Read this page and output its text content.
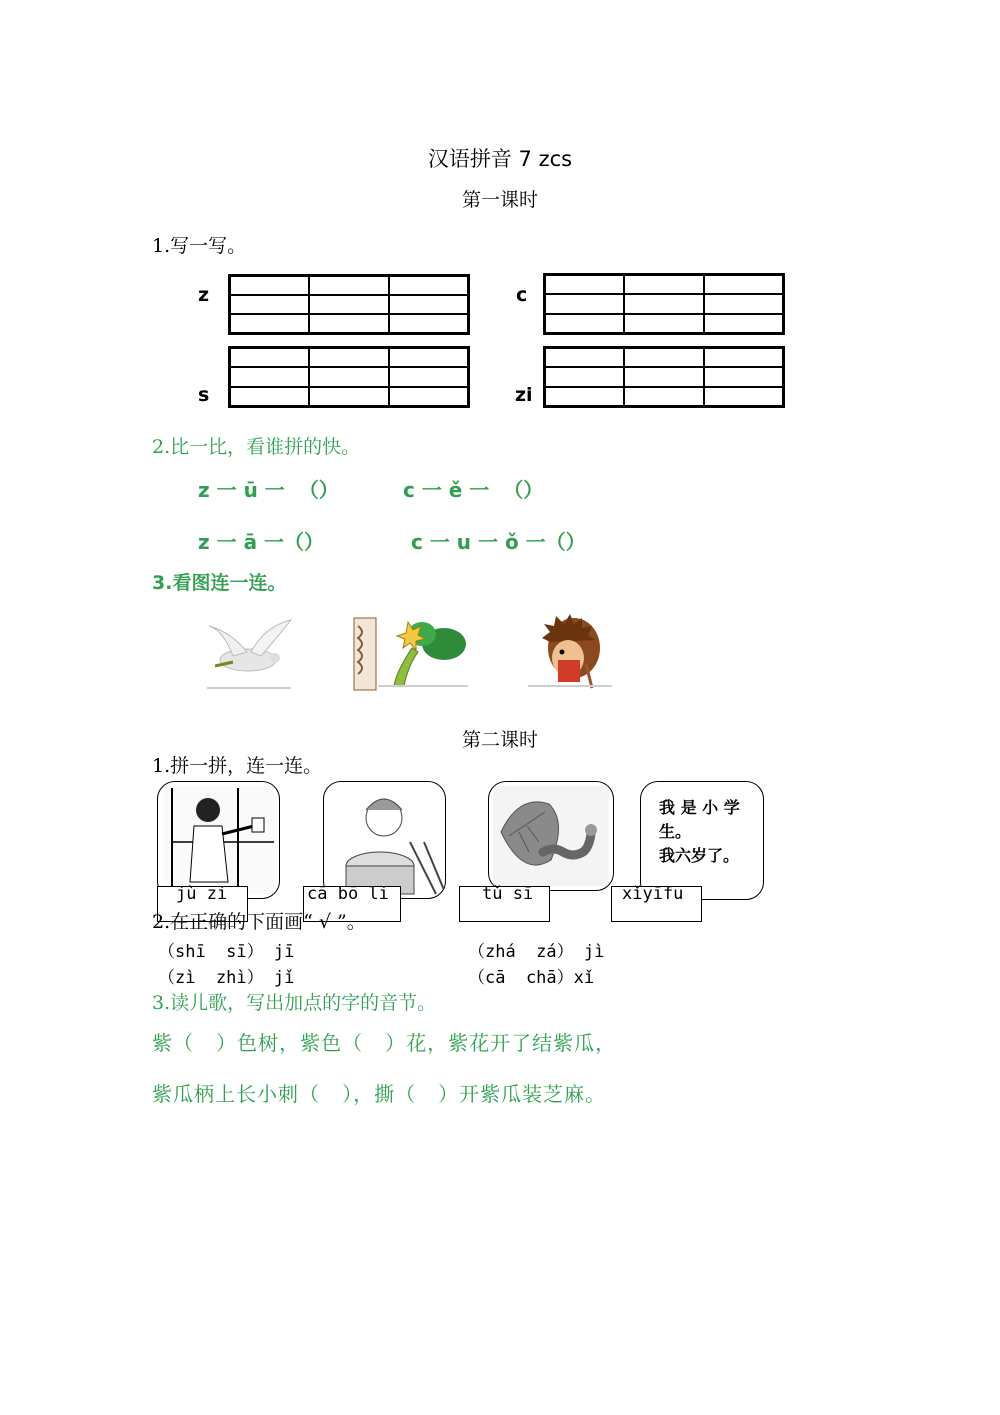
汉语拼音 7 zcs
第一课时
1.写一写。
z	c
s	zi
2.比一比，看谁拼的快。
z 一 ū 一  （）	c 一 ě 一  （）
z 一 ā 一（）	c 一 u 一 ǒ 一（）
3.看图连一连。
第二课时
1.拼一拼，连一连。
我 是 小 学 生。
我六岁了。
jù zi	cā bō li	tǔ sī	xǐyīfu
2.在正确的下面画“ √ ”。
（shī  sī） jī	（zhá  zá） jì
（zì  zhì） jǐ	（cā  chā）xǐ
3.读儿歌，写出加点的字的音节。
紫（   ）色树，紫色（   ）花，紫花开了结紫瓜，
紫瓜柄上长小刺（   ），撕（   ）开紫瓜装芝麻。
